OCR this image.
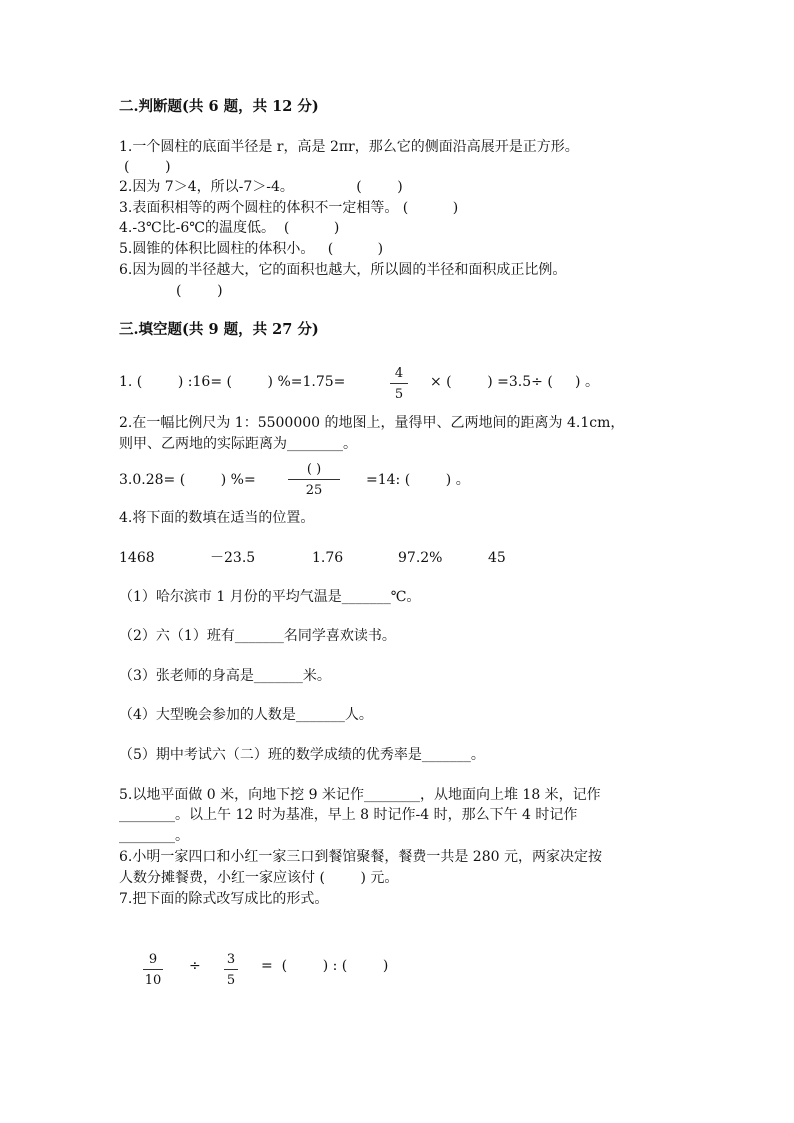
二.判断题(共 6 题，共 12 分)
1.一个圆柱的底面半径是 r，高是 2πr，那么它的侧面沿高展开是正方形。
(        )
2.因为 7＞4，所以-7＞-4。              (        )
3.表面积相等的两个圆柱的体积不一定相等。 (          )
4.-3℃比-6℃的温度低。  (          )
5.圆锥的体积比圆柱的体积小。   (          )
6.因为圆的半径越大，它的面积也越大，所以圆的半径和面积成正比例。
(        )
三.填空题(共 9 题，共 27 分)
1. (        ) :16= (        ) %=1.75=
4
5
× (        ) =3.5÷ (     ) 。
2.在一幅比例尺为 1：5500000 的地图上，量得甲、乙两地间的距离为 4.1cm，
则甲、乙两地的实际距离为________。
3.0.28= (        ) %=
( )
25
=14: (        ) 。
4.将下面的数填在适当的位置。
1468	－23.5	1.76	97.2%	45
（1）哈尔滨市 1 月份的平均气温是_______℃。
（2）六（1）班有_______名同学喜欢读书。
（3）张老师的身高是_______米。
（4）大型晚会参加的人数是_______人。
（5）期中考试六（二）班的数学成绩的优秀率是_______。
5.以地平面做 0 米，向地下挖 9 米记作________，从地面向上堆 18 米，记作
________。以上午 12 时为基准，早上 8 时记作-4 时，那么下午 4 时记作
________。
6.小明一家四口和小红一家三口到餐馆聚餐，餐费一共是 280 元，两家决定按
人数分摊餐费，小红一家应该付 (        ) 元。
7.把下面的除式改写成比的形式。
9
10
÷ 3
5
=  (        ) : (        )
